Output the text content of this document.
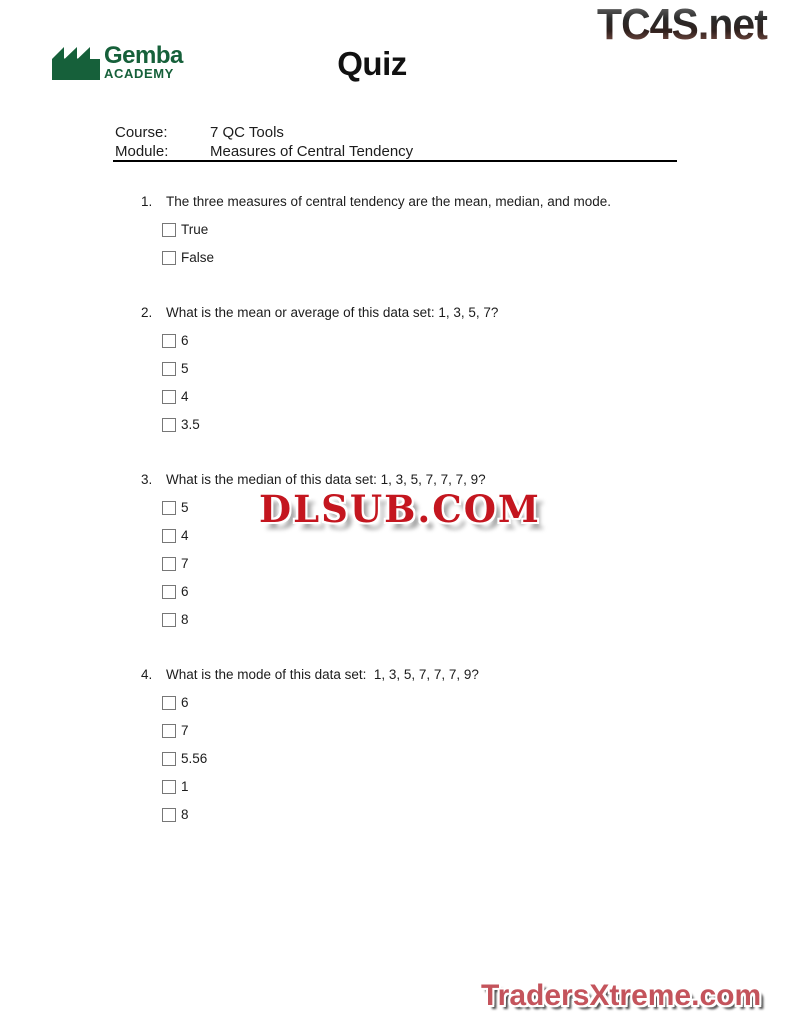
TC4S.net
Gemba
ACADEMY	Quiz
Course:	7 QC Tools
Module:	Measures of Central Tendency
1. The three measures of central tendency are the mean, median, and mode.
True
False
2. What is the mean or average of this data set: 1, 3, 5, 7?
6
5
4
3.5
3. What is the median of this data set: 1, 3, 5, 7, 7, 7, 9?
5
4
7
6
8
4. What is the mode of this data set:  1, 3, 5, 7, 7, 7, 9?
6
7
5.56
1
8
DLSUB.COM
TradersXtreme.com
